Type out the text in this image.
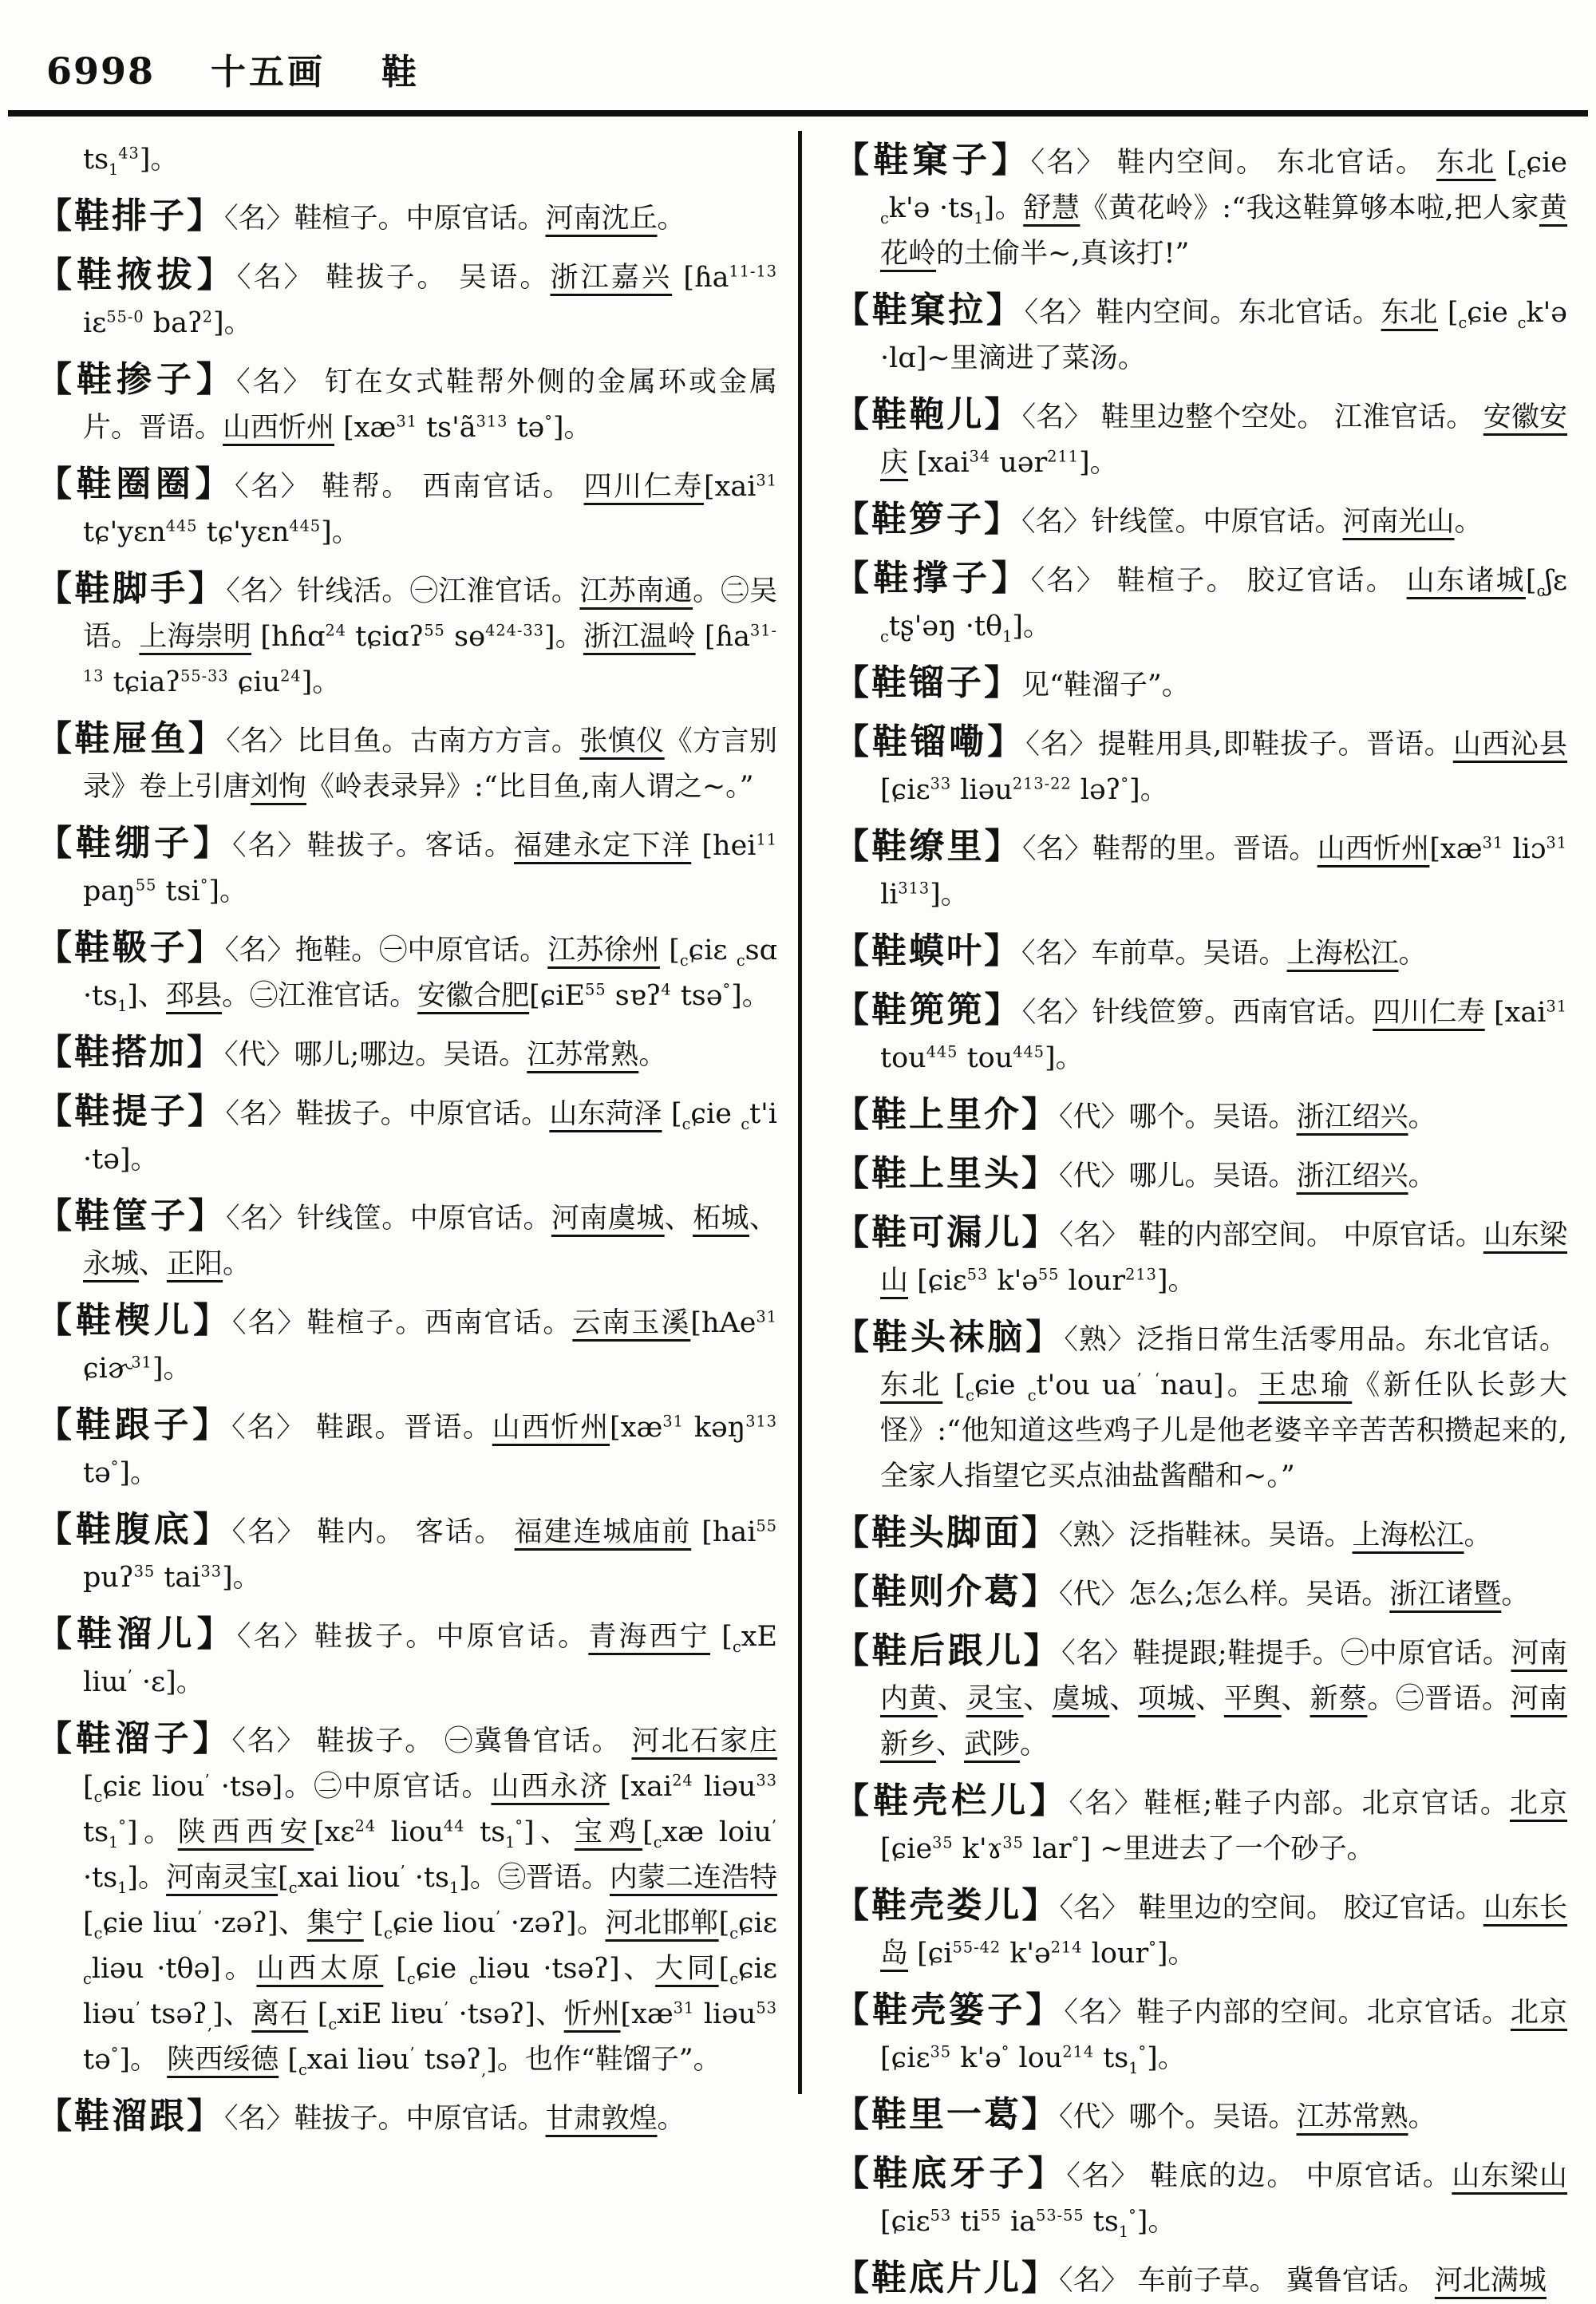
6998 十五画 鞋
$ts_1^{43}$]。
【鞋排子】〈名〉鞋楦子。中原官话。河南沈丘。
【鞋掖拔】〈名〉 鞋拔子。 吴语。浙江嘉兴 [ɦa$^{11-13}$ iɛ$^{55-0}$ baʔ$^2$]。
【鞋掺子】〈名〉 钉在女式鞋帮外侧的金属环或金属片。晋语。山西忻州 [$xæ^{31}$ $ts'ã^{313}$ tə°]。
【鞋圈圈】〈名〉 鞋帮。 西南官话。 四川仁寿[xai$^{31}$ tɕ'yɛn$^{445}$ tɕ'yɛn$^{445}$]。
【鞋脚手】〈名〉针线活。㊀江淮官话。江苏南通。㊁吴语。上海崇明 [hɦɑ$^{24}$ tɕiɑʔ$^{55}$ sɵ$^{424-33}$]。浙江温岭 [ɦa$^{31-13}$ tɕiaʔ$^{55-33}$ ɕiu$^{24}$]。
【鞋屉鱼】〈名〉比目鱼。古南方方言。张慎仪《方言别录》卷上引唐刘恂《岭表录异》:“比目鱼,南人谓之~。”
【鞋绷子】〈名〉鞋拔子。客话。福建永定下洋 [hei$^{11}$ paŋ$^{55}$ tsi°]。
【鞋靸子】〈名〉拖鞋。㊀中原官话。江苏徐州 [$_cɕiɛ$ $_c$sɑ $\cdot ts_1$]、邳县。㊁江淮官话。安徽合肥[ɕiE$^{55}$ sɐʔ$^4$ tsə°]。
【鞋搭加】〈代〉哪儿;哪边。吴语。江苏常熟。
【鞋提子】〈名〉鞋拔子。中原官话。山东菏泽 [$_cɕie$ $_c$t'i ·tə]。
【鞋筐子】〈名〉针线筐。中原官话。河南虞城、柘城、永城、正阳。
【鞋楔儿】〈名〉鞋楦子。西南官话。云南玉溪[hAe$^{31}$ ɕiɚ$^{31}$]。
【鞋跟子】〈名〉 鞋跟。晋语。山西忻州[$xæ^{31}$ kəŋ$^{313}$ tə°]。
【鞋腹底】〈名〉 鞋内。 客话。 福建连城庙前 [hai$^{55}$ puʔ$^{35}$ tai$^{33}$]。
【鞋溜儿】〈名〉鞋拔子。中原官话。青海西宁 [$_cxE$ liɯ’ ·ɛ]。
【鞋溜子】〈名〉 鞋拔子。 ㊀冀鲁官话。 河北石家庄 [$_cɕiɛ$ liou’ ·tsə]。㊁中原官话。山西永济 [xai$^{24}$ liəu$^{33}$ $ts_1^\circ$]。陕西西安[xɛ$^{24}$ liou$^{44}$ $ts_1^\circ$]、宝鸡[$_cxæ$ loiu’ $\cdot ts_1$]。河南灵宝[$_cxai$ liou’ $\cdot ts_1$]。㊂晋语。内蒙二连浩特[$_cɕie$ liɯ’ ·zəʔ]、集宁 [$_cɕie$ liou’ ·zəʔ]。河北邯郸[$_cɕiɛ$ $_c$liəu ·tθə]。山西太原 [$_cɕie$ $_c$liəu ·tsəʔ]、大同[$_cɕiɛ$ liəu’ tsəʔ$_,$]、离石 [$_cxiE$ liɐu’ ·tsəʔ]、忻州[$xæ^{31}$ liəu$^{53}$ tə°]。 陕西绥德 [$_cxai$ liəu’ tsəʔ$_,$]。也作“鞋馏子”。
【鞋溜跟】〈名〉鞋拔子。中原官话。甘肃敦煌。
【鞋窠子】〈名〉 鞋内空间。 东北官话。 东北 [$_cɕie$ $_c$k'ə $\cdot ts_1$]。舒慧《黄花岭》:“我这鞋算够本啦,把人家黄花岭的土偷半~,真该打!”
【鞋窠拉】〈名〉鞋内空间。东北官话。东北 [$_cɕie$ $_c$k'ə ·lɑ]~里滴进了菜汤。
【鞋鞄儿】〈名〉 鞋里边整个空处。 江淮官话。 安徽安庆 [xai$^{34}$ uər$^{211}$]。
【鞋箩子】〈名〉针线筐。中原官话。河南光山。
【鞋撑子】〈名〉 鞋楦子。 胶辽官话。 山东诸城[$_cʃɛ$ $_c$tʂ'əŋ $\cdot t\theta_1$]。
【鞋镏子】见“鞋溜子”。
【鞋镏嘞】〈名〉提鞋用具,即鞋拔子。晋语。山西沁县 [ɕiɛ$^{33}$ liəu$^{213-22}$ ləʔ°]。
【鞋缭里】〈名〉鞋帮的里。晋语。山西忻州[$xæ^{31}$ liɔ$^{31}$ $li^{313}$]。
【鞋蟆叶】〈名〉车前草。吴语。上海松江。
【鞋篼篼】〈名〉针线笸箩。西南官话。四川仁寿 [xai$^{31}$ tou$^{445}$ tou$^{445}$]。
【鞋上里介】〈代〉哪个。吴语。浙江绍兴。
【鞋上里头】〈代〉哪儿。吴语。浙江绍兴。
【鞋可漏儿】〈名〉 鞋的内部空间。 中原官话。山东梁山 [ɕiɛ$^{53}$ k'ə$^{55}$ lour$^{213}$]。
【鞋头袜脑】〈熟〉泛指日常生活零用品。东北官话。东北 [$_cɕie$ $_c$t'ou ua’ ‘nau]。王忠瑜《新任队长彭大怪》:“他知道这些鸡子儿是他老婆辛辛苦苦积攒起来的,全家人指望它买点油盐酱醋和~。”
【鞋头脚面】〈熟〉泛指鞋袜。吴语。上海松江。
【鞋则介葛】〈代〉怎么;怎么样。吴语。浙江诸暨。
【鞋后跟儿】〈名〉鞋提跟;鞋提手。㊀中原官话。河南内黄、灵宝、虞城、项城、平舆、新蔡。㊁晋语。河南新乡、武陟。
【鞋壳栏儿】〈名〉鞋框;鞋子内部。北京官话。北京 [ɕie$^{35}$ k'ɤ$^{35}$ lar°] ~里进去了一个砂子。
【鞋壳娄儿】〈名〉 鞋里边的空间。 胶辽官话。山东长岛 [ɕi$^{55-42}$ k'ə$^{214}$ lour°]。
【鞋壳篓子】〈名〉鞋子内部的空间。北京官话。北京 [ɕiɛ$^{35}$ k'ə° lou$^{214}$ $ts_1^\circ$]。
【鞋里一葛】〈代〉哪个。吴语。江苏常熟。
【鞋底牙子】〈名〉 鞋底的边。 中原官话。山东梁山 [ɕiɛ$^{53}$ $ti^{55}$ $ia^{53-55}$ $ts_1^\circ$]。
【鞋底片儿】〈名〉 车前子草。 冀鲁官话。 河北满城
